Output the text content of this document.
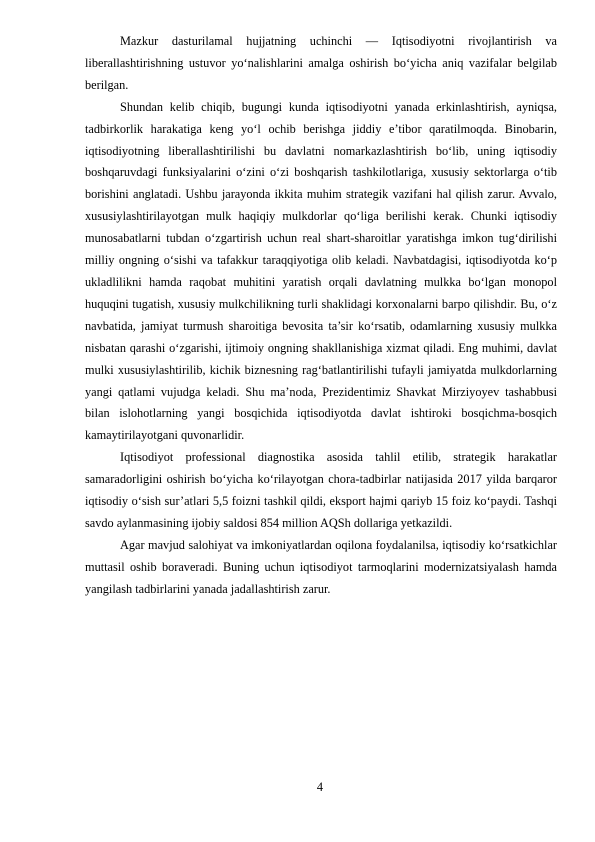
Mazkur dasturilamal hujjatning uchinchi — Iqtisodiyotni rivojlantirish va liberallashtirishning ustuvor yo‘nalishlarini amalga oshirish bo‘yicha aniq vazifalar belgilab berilgan.

Shundan kelib chiqib, bugungi kunda iqtisodiyotni yanada erkinlashtirish, ayniqsa, tadbirkorlik harakatiga keng yo‘l ochib berishga jiddiy e’tibor qaratilmoqda. Binobarin, iqtisodiyotning liberallashtirilishi bu davlatni nomarkazlashtirish bo‘lib, uning iqtisodiy boshqaruvdagi funksiyalarini o‘zini o‘zi boshqarish tashkilotlariga, xususiy sektorlarga o‘tib borishini anglatadi. Ushbu jarayonda ikkita muhim strategik vazifani hal qilish zarur. Avvalo, xususiylashtirilayotgan mulk haqiqiy mulkdorlar qo‘liga berilishi kerak. Chunki iqtisodiy munosabatlarni tubdan o‘zgartirish uchun real shart-sharoitlar yaratishga imkon tug‘dirilishi milliy ongning o‘sishi va tafakkur taraqqiyotiga olib keladi. Navbatdagisi, iqtisodiyotda ko‘p ukladlilikni hamda raqobat muhitini yaratish orqali davlatning mulkka bo‘lgan monopol huquqini tugatish, xususiy mulkchilikning turli shaklidagi korxonalarni barpo qilishdir. Bu, o‘z navbatida, jamiyat turmush sharoitiga bevosita ta’sir ko‘rsatib, odamlarning xususiy mulkka nisbatan qarashi o‘zgarishi, ijtimoiy ongning shakllanishiga xizmat qiladi. Eng muhimi, davlat mulki xususiylashtirilib, kichik biznesning rag‘batlantirilishi tufayli jamiyatda mulkdorlarning yangi qatlami vujudga keladi. Shu ma’noda, Prezidentimiz Shavkat Mirziyoyev tashabbusi bilan islohotlarning yangi bosqichida iqtisodiyotda davlat ishtiroki bosqichma-bosqich kamaytirilayotgani quvonarlidir.

Iqtisodiyot professional diagnostika asosida tahlil etilib, strategik harakatlar samaradorligini oshirish bo‘yicha ko‘rilayotgan chora-tadbirlar natijasida 2017 yilda barqaror iqtisodiy o‘sish sur’atlari 5,5 foizni tashkil qildi, eksport hajmi qariyb 15 foiz ko‘paydi. Tashqi savdo aylanmasining ijobiy saldosi 854 million AQSh dollariga yetkazildi.

Agar mavjud salohiyat va imkoniyatlardan oqilona foydalanilsa, iqtisodiy ko‘rsatkichlar muttasil oshib boraveradi. Buning uchun iqtisodiyot tarmoqlarini modernizatsiyalash hamda yangilash tadbirlarini yanada jadallashtirish zarur.

4
